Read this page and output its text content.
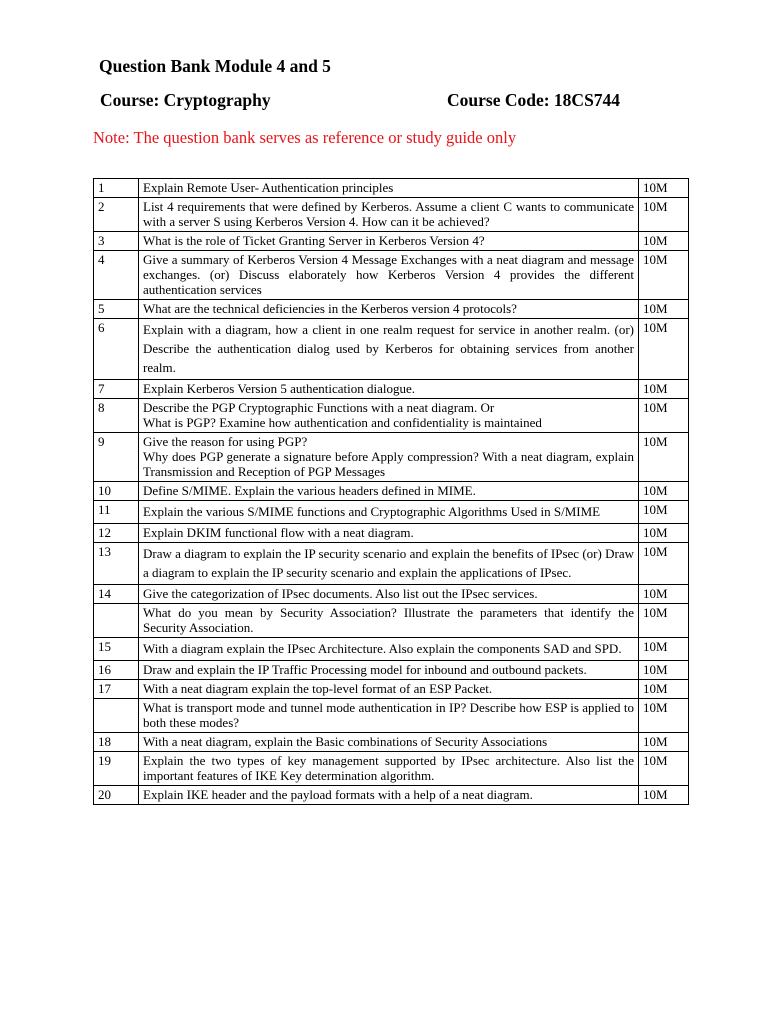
Question Bank Module 4 and 5
Course: Cryptography	Course Code: 18CS744
Note: The question bank serves as reference or study guide only
1	Explain Remote User- Authentication principles	10M
2	List 4 requirements that were defined by Kerberos. Assume a client C wants to communicate with a server S using Kerberos Version 4. How can it be achieved?	10M
3	What is the role of Ticket Granting Server in Kerberos Version 4?	10M
4	Give a summary of Kerberos Version 4 Message Exchanges with a neat diagram and message exchanges. (or) Discuss elaborately how Kerberos Version 4 provides the different authentication services	10M
5	What are the technical deficiencies in the Kerberos version 4 protocols?	10M
6	Explain with a diagram, how a client in one realm request for service in another realm. (or) Describe the authentication dialog used by Kerberos for obtaining services from another realm.	10M
7	Explain Kerberos Version 5 authentication dialogue.	10M
8	Describe the PGP Cryptographic Functions with a neat diagram. Or
What is PGP? Examine how authentication and confidentiality is maintained	10M
9	Give the reason for using PGP?
Why does PGP generate a signature before Apply compression? With a neat diagram, explain Transmission and Reception of PGP Messages	10M
10	Define S/MIME. Explain the various headers defined in MIME.	10M
11	Explain the various S/MIME functions and Cryptographic Algorithms Used in S/MIME	10M
12	Explain DKIM functional flow with a neat diagram.	10M
13	Draw a diagram to explain the IP security scenario and explain the benefits of IPsec (or) Draw a diagram to explain the IP security scenario and explain the applications of IPsec.	10M
14	Give the categorization of IPsec documents. Also list out the IPsec services.	10M
	What do you mean by Security Association? Illustrate the parameters that identify the Security Association.	10M
15	With a diagram explain the IPsec Architecture. Also explain the components SAD and SPD.	10M
16	Draw and explain the IP Traffic Processing model for inbound and outbound packets.	10M
17	With a neat diagram explain the top-level format of an ESP Packet.	10M
	What is transport mode and tunnel mode authentication in IP? Describe how ESP is applied to both these modes?	10M
18	With a neat diagram, explain the Basic combinations of Security Associations	10M
19	Explain the two types of key management supported by IPsec architecture. Also list the important features of IKE Key determination algorithm.	10M
20	Explain IKE header and the payload formats with a help of a neat diagram.	10M
